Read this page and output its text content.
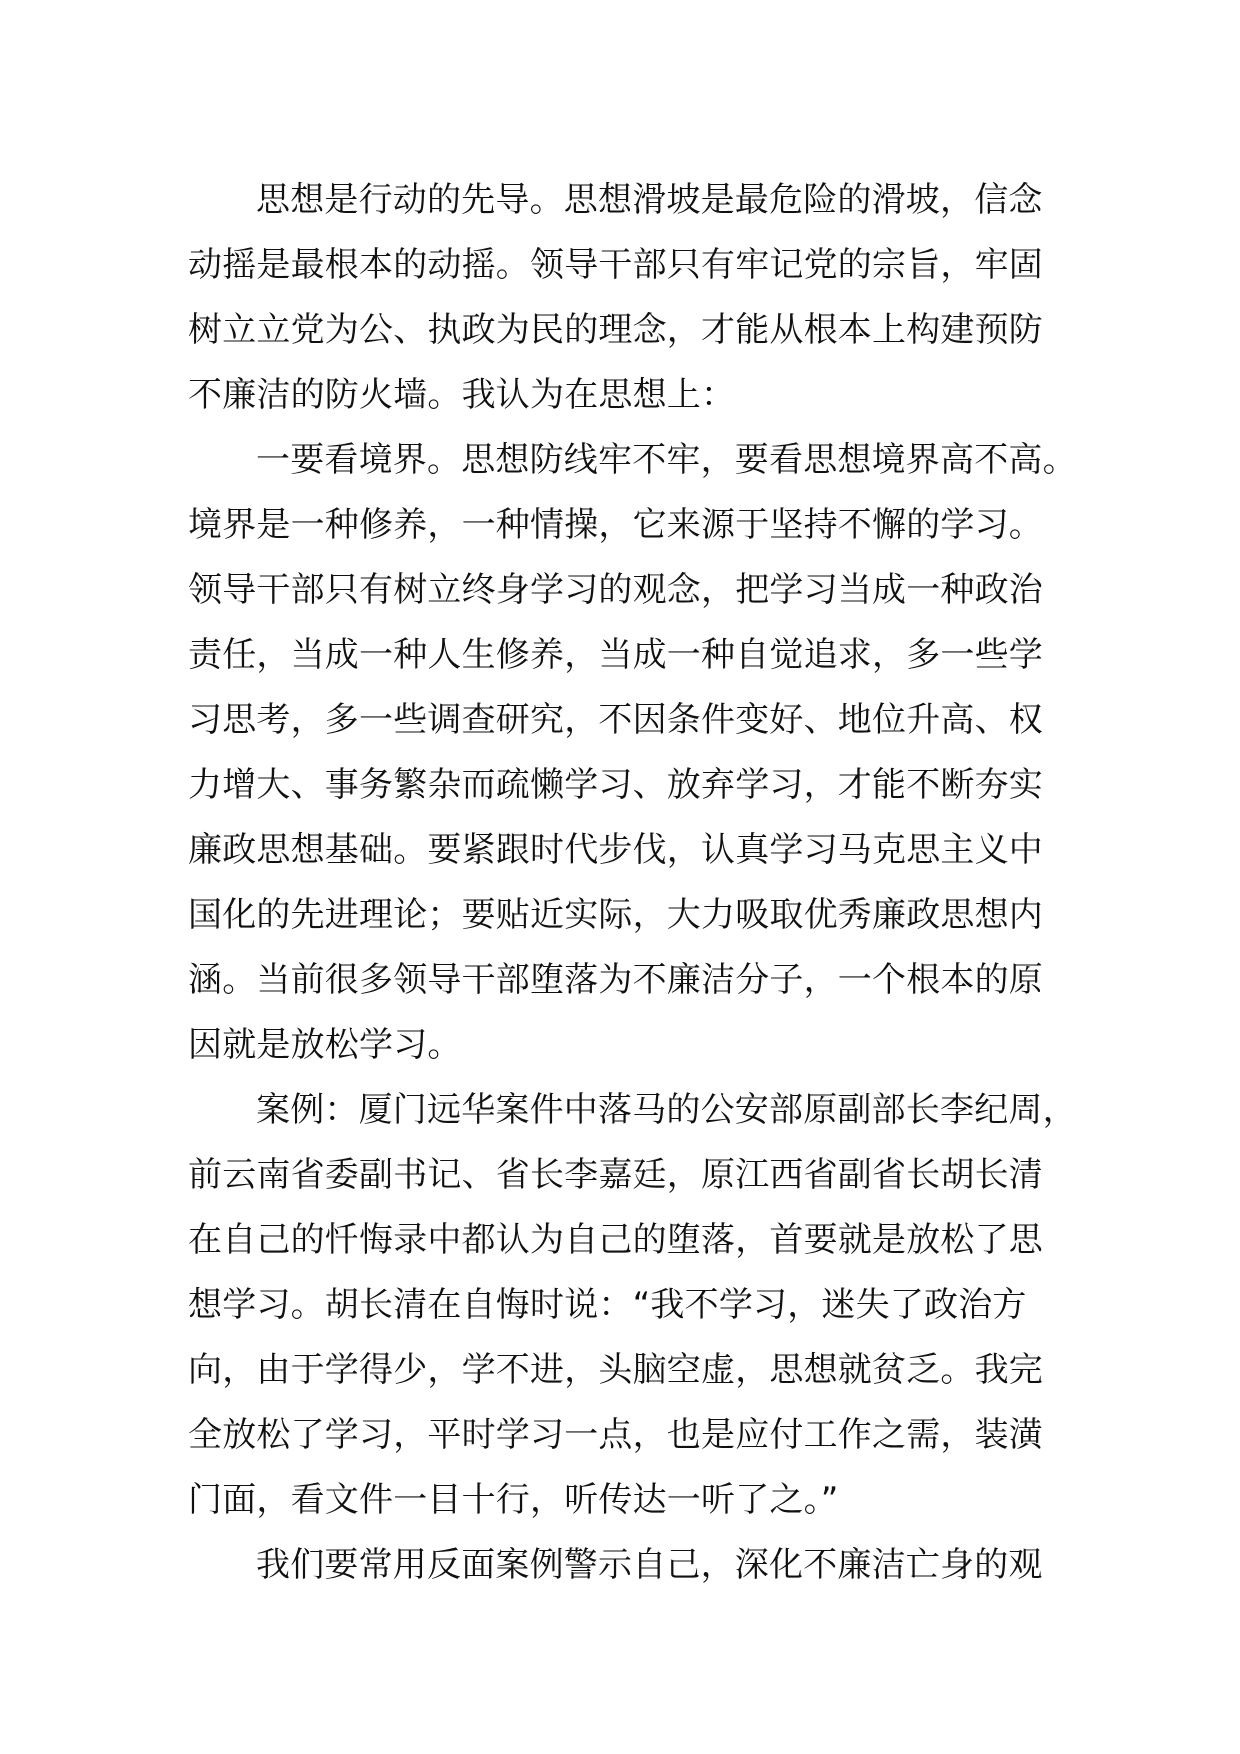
思想是行动的先导。思想滑坡是最危险的滑坡，信念
动摇是最根本的动摇。领导干部只有牢记党的宗旨，牢固
树立立党为公、执政为民的理念，才能从根本上构建预防
不廉洁的防火墙。我认为在思想上：
一要看境界。思想防线牢不牢，要看思想境界高不高。
境界是一种修养，一种情操，它来源于坚持不懈的学习。
领导干部只有树立终身学习的观念，把学习当成一种政治
责任，当成一种人生修养，当成一种自觉追求，多一些学
习思考，多一些调查研究，不因条件变好、地位升高、权
力增大、事务繁杂而疏懒学习、放弃学习，才能不断夯实
廉政思想基础。要紧跟时代步伐，认真学习马克思主义中
国化的先进理论；要贴近实际，大力吸取优秀廉政思想内
涵。当前很多领导干部堕落为不廉洁分子，一个根本的原
因就是放松学习。
案例：厦门远华案件中落马的公安部原副部长李纪周，
前云南省委副书记、省长李嘉廷，原江西省副省长胡长清
在自己的忏悔录中都认为自己的堕落，首要就是放松了思
想学习。胡长清在自悔时说：“我不学习，迷失了政治方
向，由于学得少，学不进，头脑空虚，思想就贫乏。我完
全放松了学习，平时学习一点，也是应付工作之需，装潢
门面，看文件一目十行，听传达一听了之。”
我们要常用反面案例警示自己，深化不廉洁亡身的观
